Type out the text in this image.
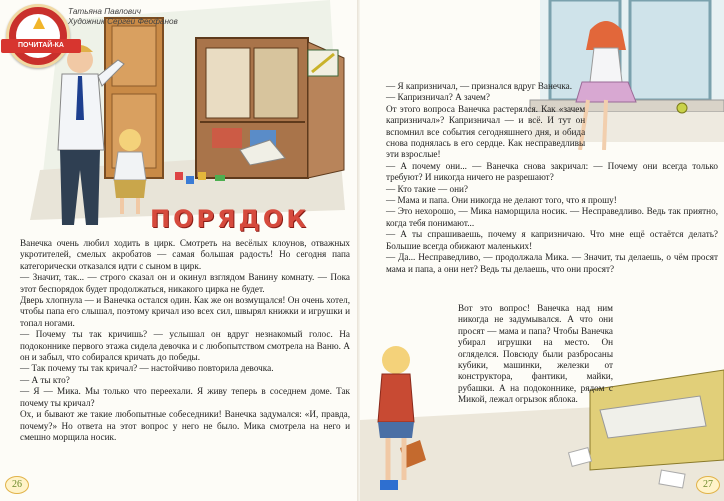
ПОЧИТАЙ-КА
Татьяна Павлович
Художник Сергей Феофанов
ПОРЯДОК

Ванечка очень любил ходить в цирк. Смотреть на весёлых клоунов, отважных укротителей, смелых акробатов — самая большая радость! Но сегодня папа категорически отказался идти с сыном в цирк.

— Значит, так... — строго сказал он и окинул взглядом Ванину комнату. — Пока этот беспорядок будет продолжаться, никакого цирка не будет.

Дверь хлопнула — и Ванечка остался один. Как же он возмущался! Он очень хотел, чтобы папа его слышал, поэтому кричал изо всех сил, швырял книжки и игрушки и топал ногами.

— Почему ты так кричишь? — услышал он вдруг незнакомый голос. На подоконнике первого этажа сидела девочка и с любопытством смотрела на Ваню. А он и забыл, что собирался кричать до победы.

— Так почему ты так кричал? — настойчиво повторила девочка.

— А ты кто?

— Я — Мика. Мы только что переехали. Я живу теперь в соседнем доме. Так почему ты кричал?

Ох, и бывают же такие любопытные собеседники! Ванечка задумался: «И, правда, почему?» Но ответа на этот вопрос у него не было. Мика смотрела на него и смешно морщила носик.

26

— Я капризничал, — признался вдруг Ванечка.

— Капризничал? А зачем?

От этого вопроса Ванечка растерялся. Как «зачем капризничал»? Капризничал — и всё. И тут он вспомнил все события сегодняшнего дня, и обида снова поднялась в его сердце. Как несправедливы эти взрослые!

— А почему они... — Ванечка снова закричал: — Почему они всегда только требуют? И никогда ничего не разрешают?

— Кто такие — они?

— Мама и папа. Они никогда не делают того, что я прошу!

— Это нехорошо, — Мика наморщила носик. — Несправедливо. Ведь так приятно, когда тебя понимают...

— А ты спрашиваешь, почему я капризничаю. Что мне ещё остаётся делать? Большие всегда обижают маленьких!

— Да... Несправедливо, — продолжала Мика. — Значит, ты делаешь, о чём просят мама и папа, а они нет? Ведь ты делаешь, что они просят?

Вот это вопрос! Ванечка над ним никогда не задумывался. А что они просят — мама и папа? Чтобы Ванечка убирал игрушки на место. Он огляделся. Повсюду были разбросаны кубики, машинки, железки от конструктора, фантики, майки, рубашки. А на подоконнике, рядом с Микой, лежал огрызок яблока.

27
